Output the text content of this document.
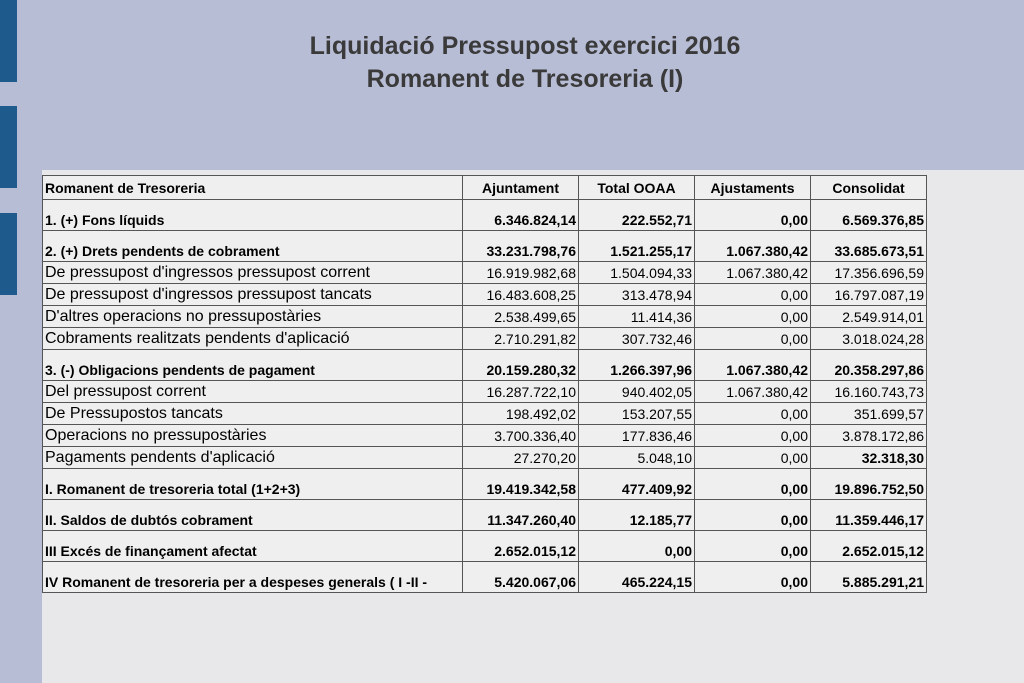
Liquidació Pressupost exercici 2016
Romanent de Tresoreria (I)
Romanent de Tresoreria	Ajuntament	Total OOAA	Ajustaments	Consolidat

1. (+) Fons líquids	6.346.824,14	222.552,71	0,00	6.569.376,85

2. (+) Drets pendents de cobrament	33.231.798,76	1.521.255,17	1.067.380,42	33.685.673,51
De pressupost d'ingressos pressupost corrent	16.919.982,68	1.504.094,33	1.067.380,42	17.356.696,59
De pressupost d'ingressos pressupost tancats	16.483.608,25	313.478,94	0,00	16.797.087,19
D'altres operacions no pressupostàries	2.538.499,65	11.414,36	0,00	2.549.914,01
Cobraments realitzats pendents d'aplicació	2.710.291,82	307.732,46	0,00	3.018.024,28

3. (-) Obligacions pendents de pagament	20.159.280,32	1.266.397,96	1.067.380,42	20.358.297,86
Del pressupost corrent	16.287.722,10	940.402,05	1.067.380,42	16.160.743,73
De Pressupostos tancats	198.492,02	153.207,55	0,00	351.699,57
Operacions no pressupostàries	3.700.336,40	177.836,46	0,00	3.878.172,86
Pagaments pendents d'aplicació	27.270,20	5.048,10	0,00	32.318,30

I. Romanent de tresoreria total (1+2+3)	19.419.342,58	477.409,92	0,00	19.896.752,50

II. Saldos de dubtós cobrament	11.347.260,40	12.185,77	0,00	11.359.446,17

III Excés de finançament afectat	2.652.015,12	0,00	0,00	2.652.015,12

IV Romanent de tresoreria per a despeses generals ( I -II -	5.420.067,06	465.224,15	0,00	5.885.291,21
